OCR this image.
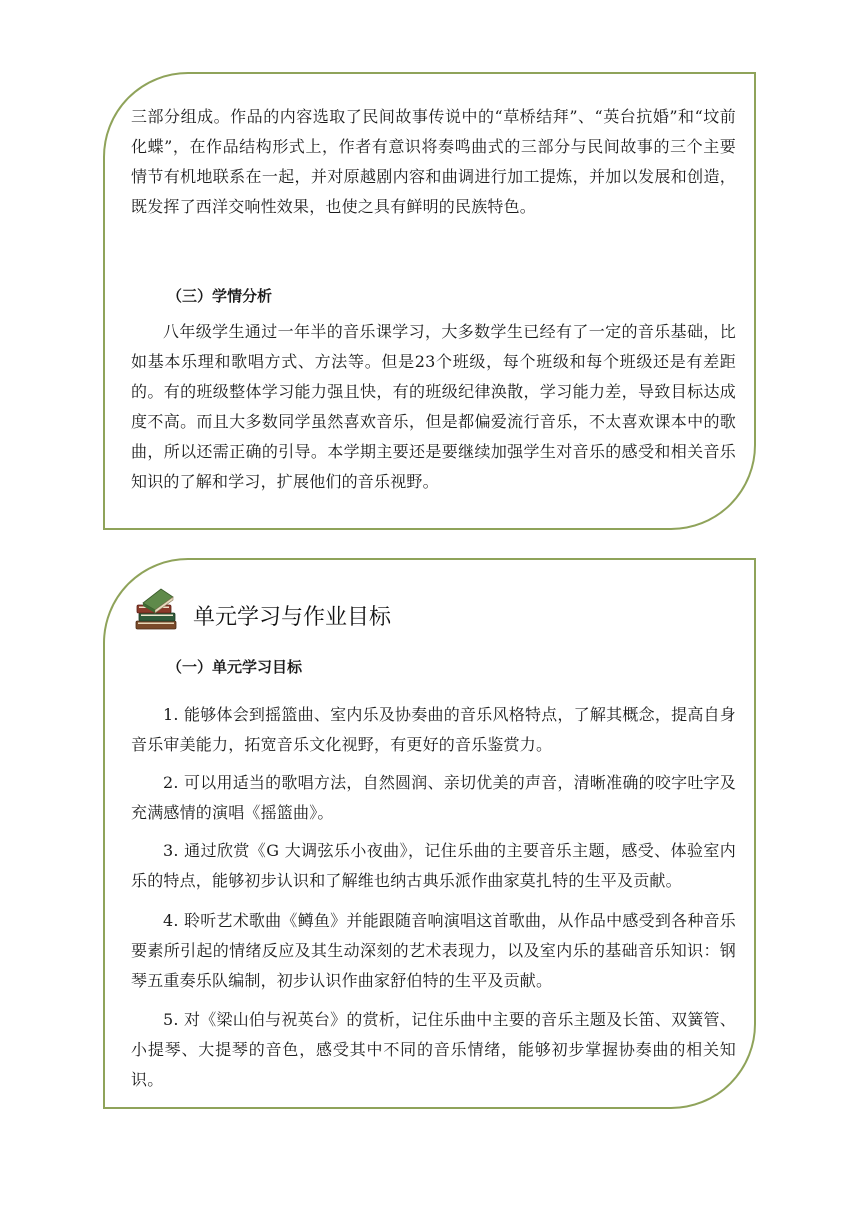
三部分组成。作品的内容选取了民间故事传说中的“草桥结拜”、“英台抗婚”和“坟前化蝶”，在作品结构形式上，作者有意识将奏鸣曲式的三部分与民间故事的三个主要情节有机地联系在一起，并对原越剧内容和曲调进行加工提炼，并加以发展和创造，既发挥了西洋交响性效果，也使之具有鲜明的民族特色。

（三）学情分析

八年级学生通过一年半的音乐课学习，大多数学生已经有了一定的音乐基础，比如基本乐理和歌唱方式、方法等。但是23个班级，每个班级和每个班级还是有差距的。有的班级整体学习能力强且快，有的班级纪律涣散，学习能力差，导致目标达成度不高。而且大多数同学虽然喜欢音乐，但是都偏爱流行音乐，不太喜欢课本中的歌曲，所以还需正确的引导。本学期主要还是要继续加强学生对音乐的感受和相关音乐知识的了解和学习，扩展他们的音乐视野。

单元学习与作业目标
（一）单元学习目标
1. 能够体会到摇篮曲、室内乐及协奏曲的音乐风格特点，了解其概念，提高自身音乐审美能力，拓宽音乐文化视野，有更好的音乐鉴赏力。
2. 可以用适当的歌唱方法，自然圆润、亲切优美的声音，清晰准确的咬字吐字及充满感情的演唱《摇篮曲》。
3. 通过欣赏《G 大调弦乐小夜曲》，记住乐曲的主要音乐主题，感受、体验室内乐的特点，能够初步认识和了解维也纳古典乐派作曲家莫扎特的生平及贡献。
4. 聆听艺术歌曲《鳟鱼》并能跟随音响演唱这首歌曲，从作品中感受到各种音乐要素所引起的情绪反应及其生动深刻的艺术表现力，以及室内乐的基础音乐知识：钢琴五重奏乐队编制，初步认识作曲家舒伯特的生平及贡献。
5. 对《梁山伯与祝英台》的赏析，记住乐曲中主要的音乐主题及长笛、双簧管、小提琴、大提琴的音色，感受其中不同的音乐情绪，能够初步掌握协奏曲的相关知识。
